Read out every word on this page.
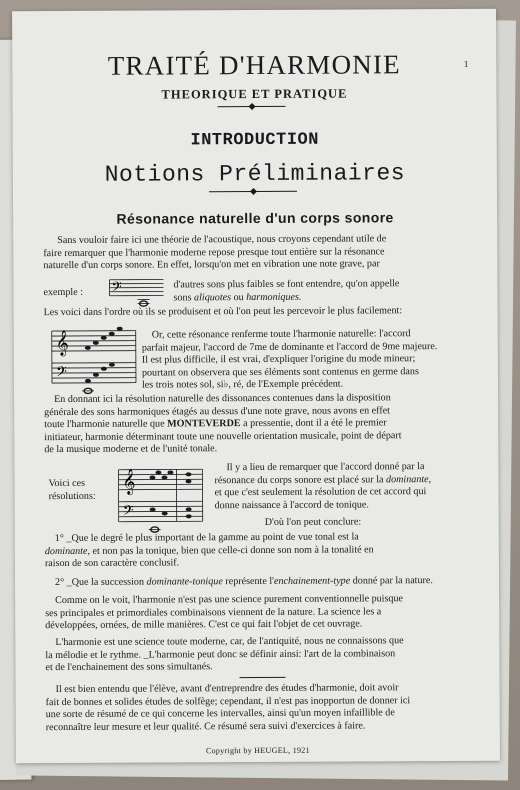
1
TRAITÉ D'HARMONIE
THEORIQUE ET PRATIQUE
INTRODUCTION
Notions Préliminaires
Résonance naturelle d'un corps sonore
Sans vouloir faire ici une théorie de l'acoustique, nous croyons cependant utile de
faire remarquer que l'harmonie moderne repose presque tout entière sur la résonance
naturelle d'un corps sonore. En effet, lorsqu'on met en vibration une note grave, par
exemple : 𝄢	d'autres sons plus faibles se font entendre, qu'on appelle
sons aliquotes ou harmoniques.
Les voici dans l'ordre où ils se produisent et où l'on peut les percevoir le plus facilement:
𝄞
𝄢
Or, cette résonance renferme toute l'harmonie naturelle: l'accord
parfait majeur, l'accord de 7me de dominante et l'accord de 9me majeure.
Il est plus difficile, il est vrai, d'expliquer l'origine du mode mineur;
pourtant on observera que ses éléments sont contenus en germe dans
les trois notes sol, si♭, ré, de l'Exemple précédent.
En donnant ici la résolution naturelle des dissonances contenues dans la disposition
générale des sons harmoniques étagés au dessus d'une note grave, nous avons en effet
toute l'harmonie naturelle que MONTEVERDE a pressentie, dont il a été le premier
initiateur, harmonie déterminant toute une nouvelle orientation musicale, point de départ
de la musique moderne et de l'unité tonale.
Voici ces
résolutions:
𝄞
𝄢
Il y a lieu de remarquer que l'accord donné par la
résonance du corps sonore est placé sur la dominante,
et que c'est seulement la résolution de cet accord qui
donne naissance à l'accord de tonique.
D'où l'on peut conclure:
1° _Que le degré le plus important de la gamme au point de vue tonal est la
dominante, et non pas la tonique, bien que celle-ci donne son nom à la tonalité en
raison de son caractère conclusif.
2° _Que la succession dominante-tonique représente l'enchainement-type donné par la nature.
Comme on le voit, l'harmonie n'est pas une science purement conventionnelle puisque
ses principales et primordiales combinaisons viennent de la nature. La science les a
développées, ornées, de mille manières. C'est ce qui fait l'objet de cet ouvrage.
L'harmonie est une science toute moderne, car, de l'antiquité, nous ne connaissons que
la mélodie et le rythme. _L'harmonie peut donc se définir ainsi: l'art de la combinaison
et de l'enchainement des sons simultanés.
Il est bien entendu que l'élève, avant d'entreprendre des études d'harmonie, doit avoir
fait de bonnes et solides études de solfège; cependant, il n'est pas inopportun de donner ici
une sorte de résumé de ce qui concerne les intervalles, ainsi qu'un moyen infaillible de
reconnaître leur mesure et leur qualité. Ce résumé sera suivi d'exercices à faire.
Copyright by HEUGEL, 1921
